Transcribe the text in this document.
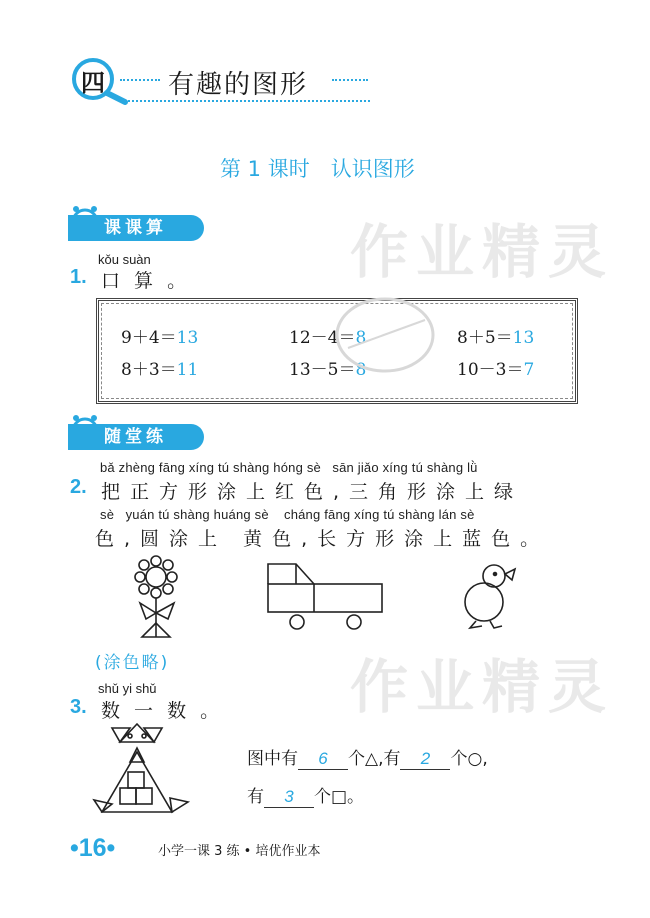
作业精灵
作业精灵
四 有趣的图形
第 1 课时　认识图形
课课算
kǒu suàn
1. 口 算 。
9＋4＝13	12－4＝8	8＋5＝13
8＋3＝11	13－5＝8	10－3＝7
随堂练
bǎ zhèng fāng xíng tú shàng hóng sè   sān jiǎo xíng tú shàng lǜ
2. 把正方形涂上红色,三角形涂上绿
sè   yuán tú shàng huáng sè    cháng fāng xíng tú shàng lán sè
色,圆涂上 黄色,长方形涂上蓝色。
(涂色略)
shǔ yi shǔ
3. 数 一 数 。
图中有 6 个△,有 2 个○,
有 3 个□。
•16•	小学一课 3 练 • 培优作业本
